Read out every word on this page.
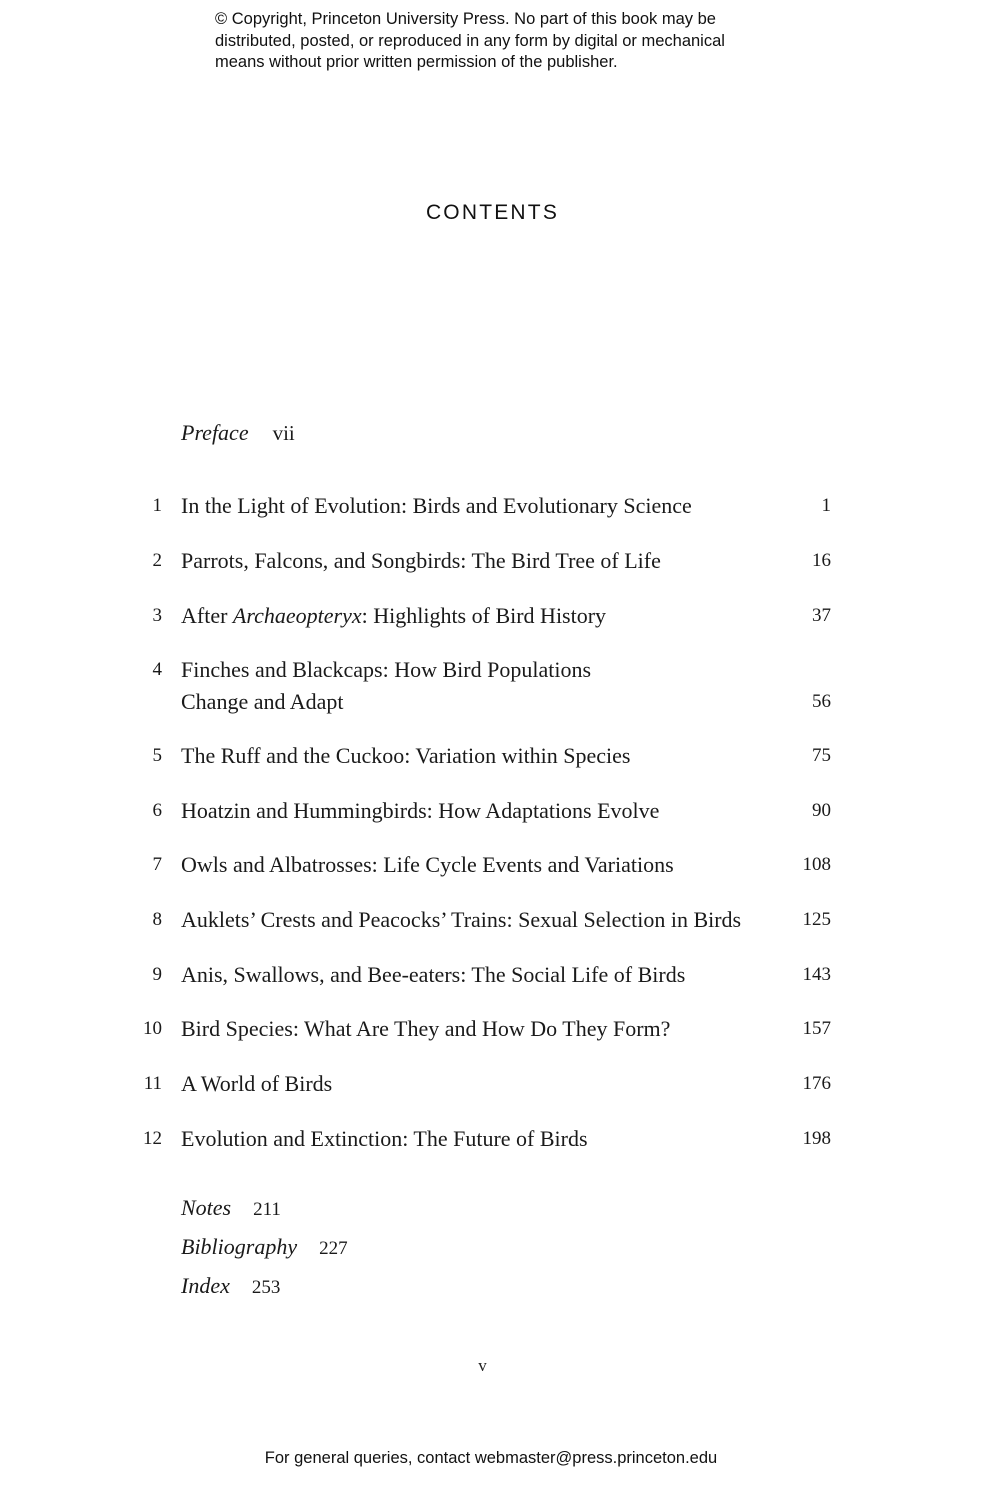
© Copyright, Princeton University Press. No part of this book may be
distributed, posted, or reproduced in any form by digital or mechanical
means without prior written permission of the publisher.
CONTENTS
Preface vii
1 In the Light of Evolution: Birds and Evolutionary Science	1
2 Parrots, Falcons, and Songbirds: The Bird Tree of Life	16
3 After Archaeopteryx: Highlights of Bird History	37
4 Finches and Blackcaps: How Bird Populations
Change and Adapt	56
5 The Ruff and the Cuckoo: Variation within Species	75
6 Hoatzin and Hummingbirds: How Adaptations Evolve	90
7 Owls and Albatrosses: Life Cycle Events and Variations	108
8 Auklets’ Crests and Peacocks’ Trains: Sexual Selection in Birds	125
9 Anis, Swallows, and Bee-eaters: The Social Life of Birds	143
10 Bird Species: What Are They and How Do They Form?	157
11 A World of Birds	176
12 Evolution and Extinction: The Future of Birds	198
Notes 211
Bibliography 227
Index 253
v
For general queries, contact webmaster@press.princeton.edu
